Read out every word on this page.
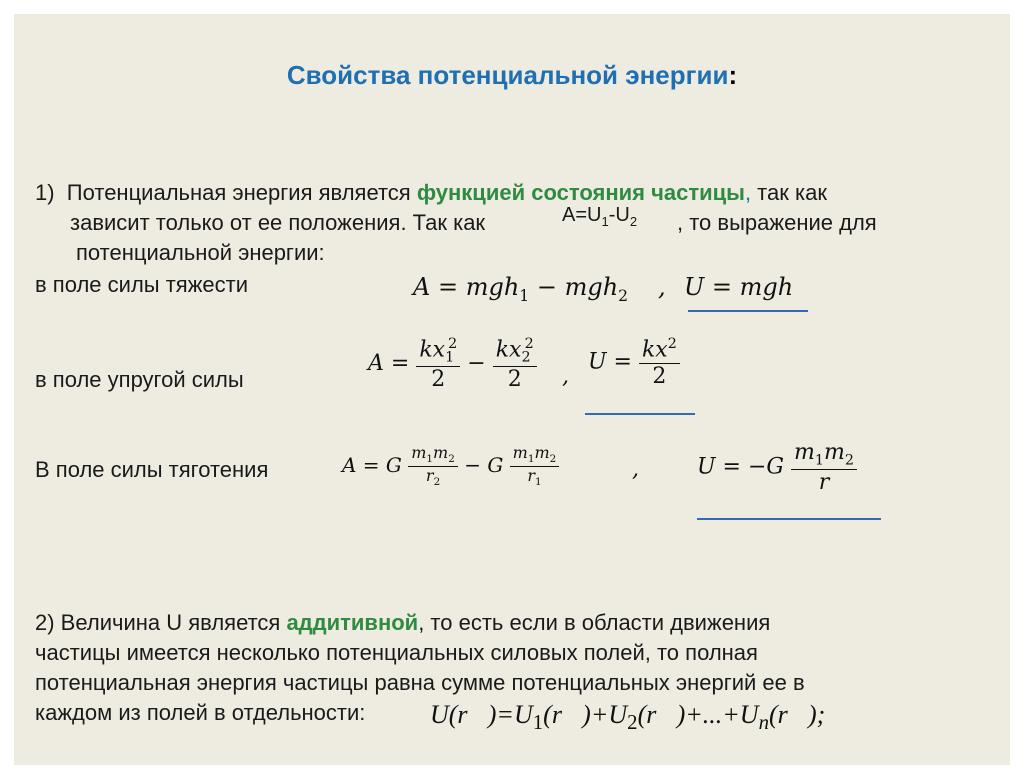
Свойства потенциальной энергии:
1) Потенциальная энергия является функцией состояния частицы, так как
зависит только от ее положения. Так как	$A=U_1-U_2$ , то выражение для
потенциальной энергии:
в поле силы тяжести	A = mgh$_1$ − mgh$_2$ , U = mgh
в поле упругой силы
$A = \frac{kx_1^2}{2} - \frac{kx_2^2}{2}$ ,
$U = \frac{kx^2}{2}$
В поле силы тяготения	A = G $\frac{m_1m_2}{r_2} - G \frac{m_1m_2}{r_1}$	,	$U = -G \frac{m_1m_2}{r}$
2) Величина U является аддитивной, то есть если в области движения
частицы имеется несколько потенциальных силовых полей, то полная
потенциальная энергия частицы равна сумме потенциальных энергий ее в
каждом из полей в отдельности: $U(r⃗)=U_1(r⃗)+U_2(r⃗)+...+U_n(r⃗)$;
